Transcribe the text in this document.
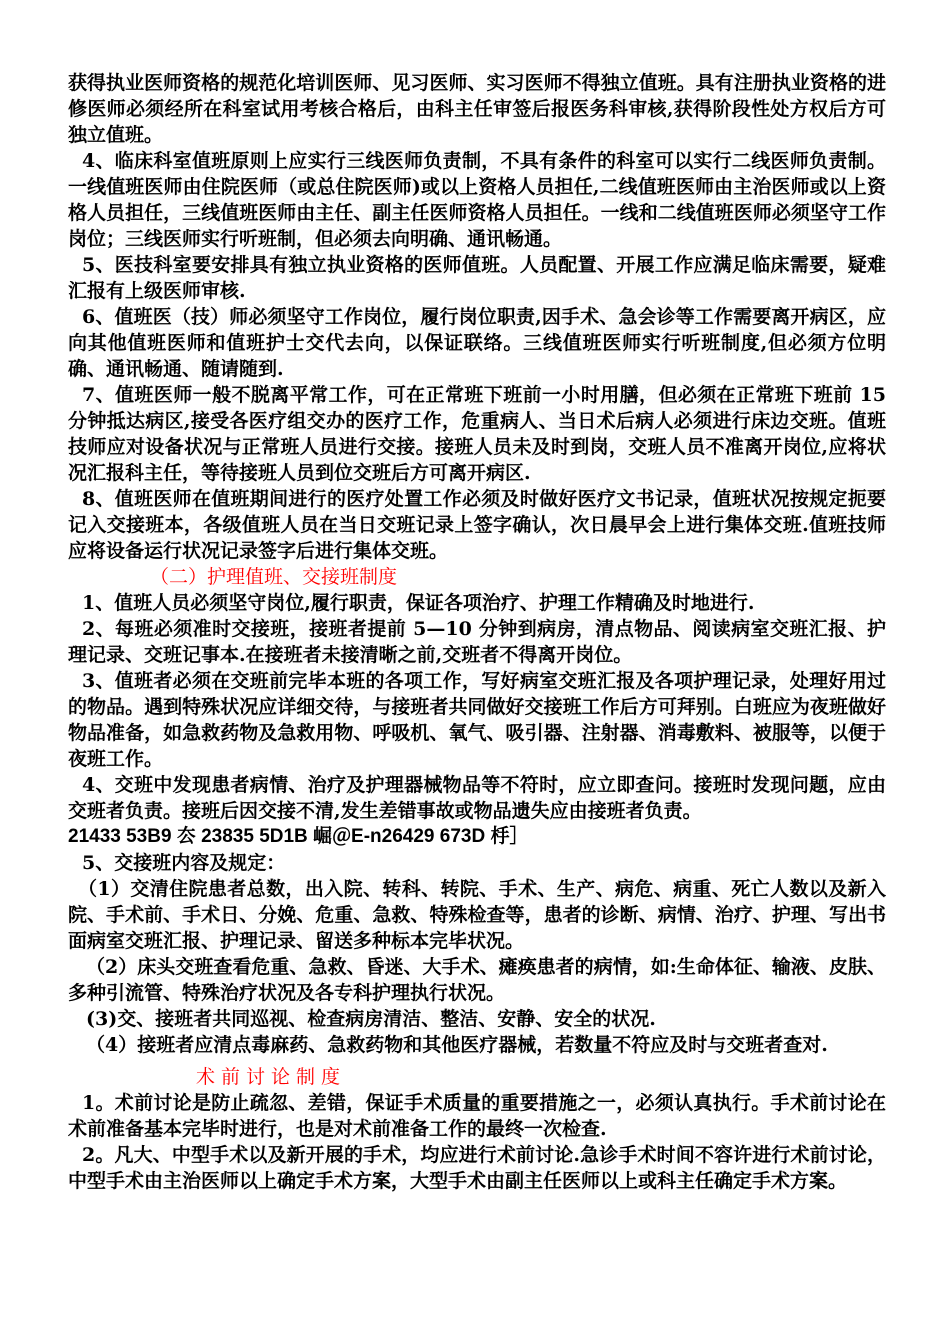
获得执业医师资格的规范化培训医师、见习医师、实习医师不得独立值班。具有注册执业资格的进修医师必须经所在科室试用考核合格后，由科主任审签后报医务科审核,获得阶段性处方权后方可独立值班。

4、临床科室值班原则上应实行三线医师负责制，不具有条件的科室可以实行二线医师负责制。一线值班医师由住院医师（或总住院医师)或以上资格人员担任,二线值班医师由主治医师或以上资格人员担任，三线值班医师由主任、副主任医师资格人员担任。一线和二线值班医师必须坚守工作岗位；三线医师实行听班制，但必须去向明确、通讯畅通。

5、医技科室要安排具有独立执业资格的医师值班。人员配置、开展工作应满足临床需要，疑难汇报有上级医师审核.

6、值班医（技）师必须坚守工作岗位，履行岗位职责,因手术、急会诊等工作需要离开病区，应向其他值班医师和值班护士交代去向，以保证联络。三线值班医师实行听班制度,但必须方位明确、通讯畅通、随请随到.

7、值班医师一般不脱离平常工作，可在正常班下班前一小时用膳，但必须在正常班下班前 15 分钟抵达病区,接受各医疗组交办的医疗工作，危重病人、当日术后病人必须进行床边交班。值班技师应对设备状况与正常班人员进行交接。接班人员未及时到岗，交班人员不准离开岗位,应将状况汇报科主任，等待接班人员到位交班后方可离开病区.

8、值班医师在值班期间进行的医疗处置工作必须及时做好医疗文书记录，值班状况按规定扼要记入交接班本，各级值班人员在当日交班记录上签字确认，次日晨早会上进行集体交班.值班技师应将设备运行状况记录签字后进行集体交班。

（二）护理值班、交接班制度

1、值班人员必须坚守岗位,履行职责，保证各项治疗、护理工作精确及时地进行.

2、每班必须准时交接班，接班者提前 5—10 分钟到病房，清点物品、阅读病室交班汇报、护理记录、交班记事本.在接班者未接清晰之前,交班者不得离开岗位。

3、值班者必须在交班前完毕本班的各项工作，写好病室交班汇报及各项护理记录，处理好用过的物品。遇到特殊状况应详细交待，与接班者共同做好交接班工作后方可拜别。白班应为夜班做好物品准备，如急救药物及急救用物、呼吸机、氧气、吸引器、注射器、消毒敷料、被服等，以便于夜班工作。

4、交班中发现患者病情、治疗及护理器械物品等不符时，应立即查问。接班时发现问题，应由交班者负责。接班后因交接不清,发生差错事故或物品遗失应由接班者负责。

21433 53B9 厺 23835 5D1B 崛＠E-n26429 673D 杽］

5、交接班内容及规定：

（1）交清住院患者总数，出入院、转科、转院、手术、生产、病危、病重、死亡人数以及新入院、手术前、手术日、分娩、危重、急救、特殊检查等，患者的诊断、病情、治疗、护理、写出书面病室交班汇报、护理记录、留送多种标本完毕状况。

（2）床头交班查看危重、急救、昏迷、大手术、瘫痪患者的病情，如:生命体征、输液、皮肤、多种引流管、特殊治疗状况及各专科护理执行状况。

(3)交、接班者共同巡视、检查病房清洁、整洁、安静、安全的状况.

（4）接班者应清点毒麻药、急救药物和其他医疗器械，若数量不符应及时与交班者查对.

术前讨论制度

1。术前讨论是防止疏忽、差错，保证手术质量的重要措施之一，必须认真执行。手术前讨论在术前准备基本完毕时进行，也是对术前准备工作的最终一次检查.

2。凡大、中型手术以及新开展的手术，均应进行术前讨论.急诊手术时间不容许进行术前讨论，中型手术由主治医师以上确定手术方案，大型手术由副主任医师以上或科主任确定手术方案。
